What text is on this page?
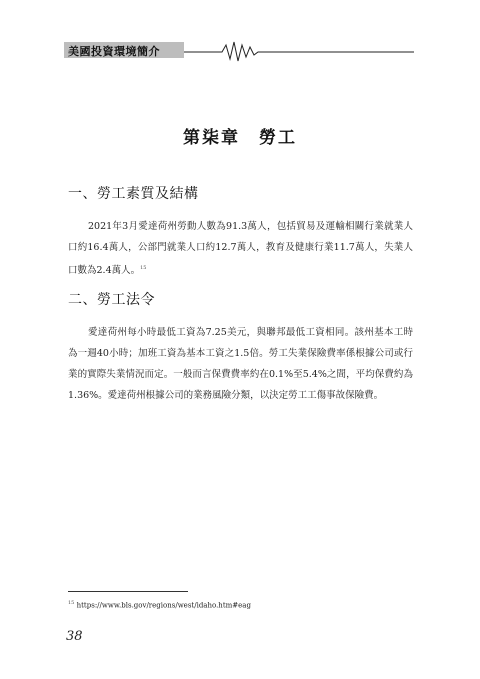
美國投資環境簡介
第柒章　勞工
一、勞工素質及結構

2021年3月愛達荷州勞動人數為91.3萬人，包括貿易及運輸相關行業就業人口約16.4萬人，公部門就業人口約12.7萬人，教育及健康行業11.7萬人，失業人口數為2.4萬人。$^{15}$

二、勞工法令

愛達荷州每小時最低工資為7.25美元，與聯邦最低工資相同。該州基本工時為一週40小時；加班工資為基本工資之1.5倍。勞工失業保險費率係根據公司或行業的實際失業情況而定。一般而言保費費率約在0.1%至5.4%之間，平均保費約為1.36%。愛達荷州根據公司的業務風險分類，以決定勞工工傷事故保險費。

$^{15}$ https://www.bls.gov/regions/west/idaho.htm#eag
38
